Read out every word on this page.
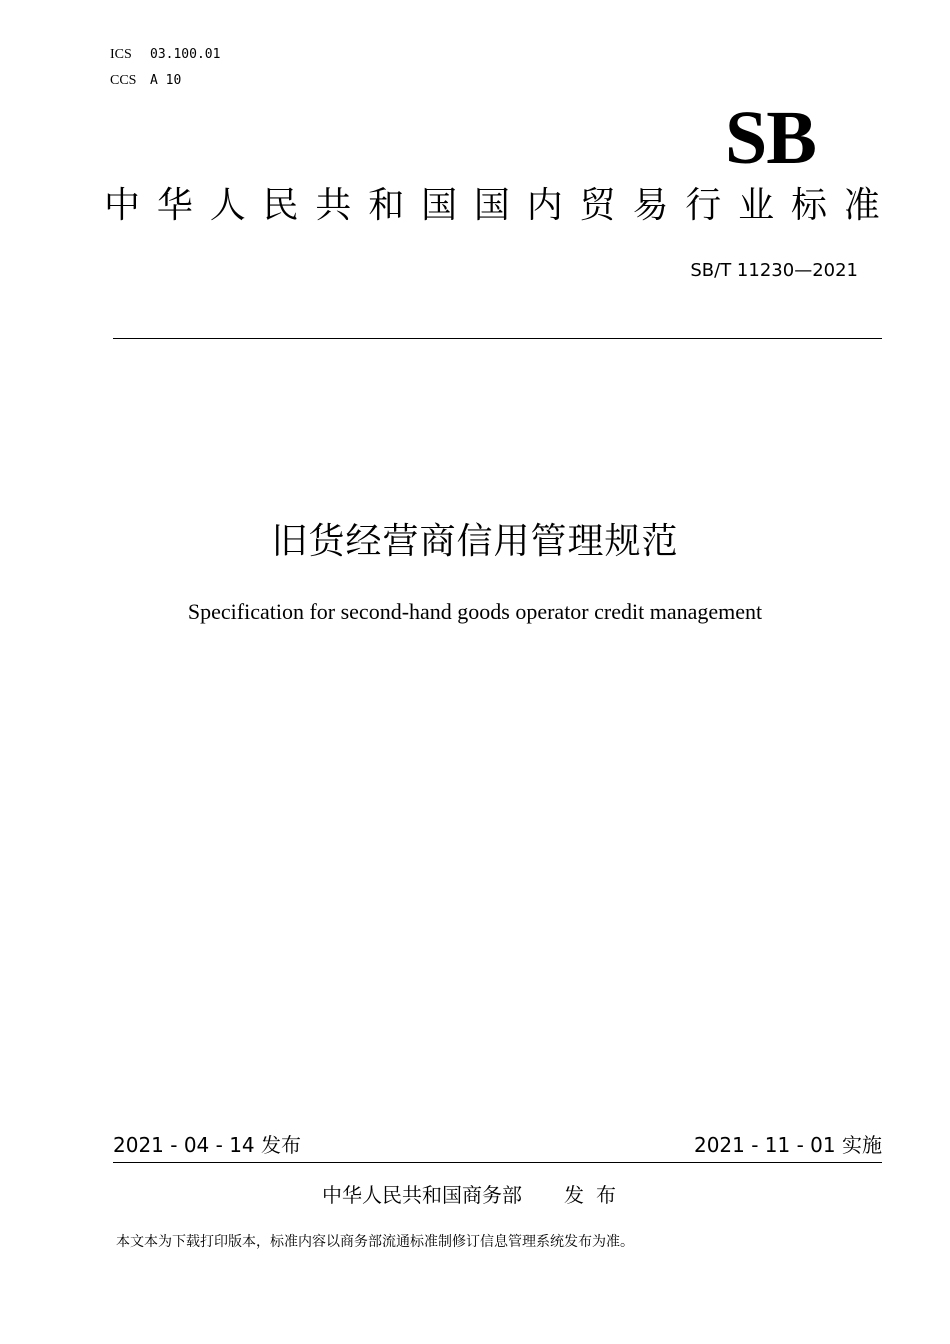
ICS 03.100.01
CCS A 10
SB
中 华 人 民 共 和 国 国 内 贸 易 行 业 标 准
SB/T 11230—2021
旧货经营商信用管理规范
Specification for second-hand goods operator credit management
2021 - 04 - 14 发布	2021 - 11 - 01 实施
中华人民共和国商务部 发布
本文本为下载打印版本，标准内容以商务部流通标准制修订信息管理系统发布为准。
